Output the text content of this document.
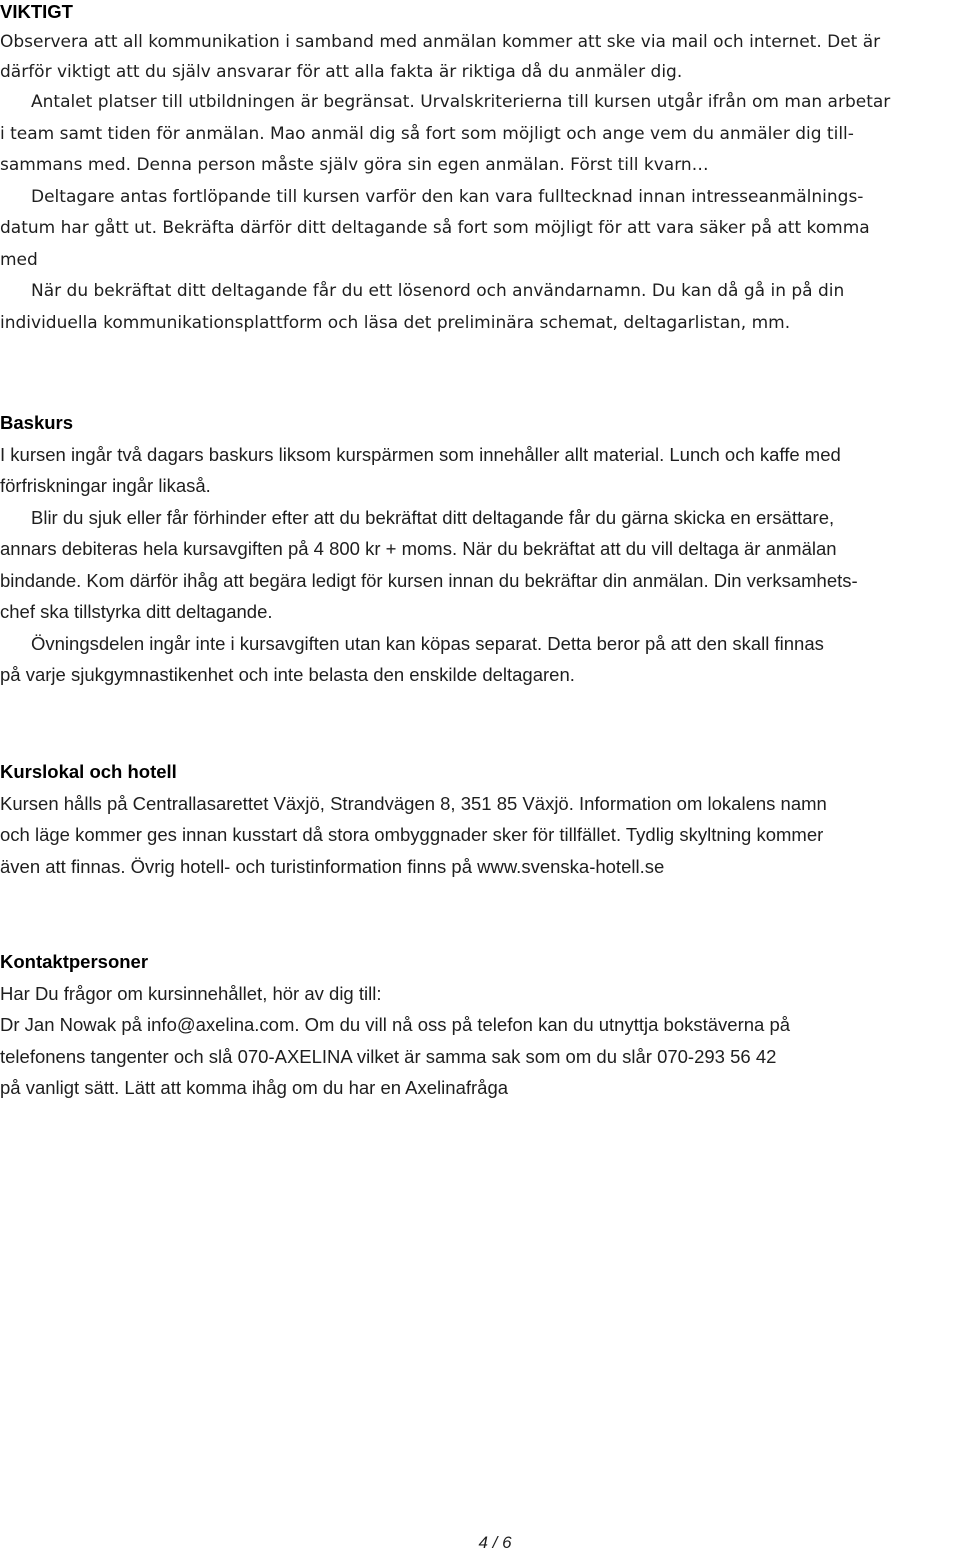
VIKTIGT

Observera att all kommunikation i samband med anmälan kommer att ske via mail och internet. Det är
därför viktigt att du själv ansvarar för att alla fakta är riktiga då du anmäler dig.

Antalet platser till utbildningen är begränsat. Urvalskriterierna till kursen utgår ifrån om man arbetar
i team samt tiden för anmälan. Mao anmäl dig så fort som möjligt och ange vem du anmäler dig till-
sammans med. Denna person måste själv göra sin egen anmälan. Först till kvarn…

Deltagare antas fortlöpande till kursen varför den kan vara fulltecknad innan intresseanmälnings-
datum har gått ut. Bekräfta därför ditt deltagande så fort som möjligt för att vara säker på att komma
med

När du bekräftat ditt deltagande får du ett lösenord och användarnamn. Du kan då gå in på din
individuella kommunikationsplattform och läsa det preliminära schemat, deltagarlistan, mm.

Baskurs

I kursen ingår två dagars baskurs liksom kurspärmen som innehåller allt material. Lunch och kaffe med
förfriskningar ingår likaså.

Blir du sjuk eller får förhinder efter att du bekräftat ditt deltagande får du gärna skicka en ersättare,
annars debiteras hela kursavgiften på 4 800 kr + moms. När du bekräftat att du vill deltaga är anmälan
bindande. Kom därför ihåg att begära ledigt för kursen innan du bekräftar din anmälan. Din verksamhets-
chef ska tillstyrka ditt deltagande.

Övningsdelen ingår inte i kursavgiften utan kan köpas separat. Detta beror på att den skall finnas
på varje sjukgymnastikenhet och inte belasta den enskilde deltagaren.

Kurslokal och hotell

Kursen hålls på Centrallasarettet Växjö, Strandvägen 8, 351 85 Växjö. Information om lokalens namn
och läge kommer ges innan kusstart då stora ombyggnader sker för tillfället. Tydlig skyltning kommer
även att finnas. Övrig hotell- och turistinformation finns på www.svenska-hotell.se

Kontaktpersoner

Har Du frågor om kursinnehållet, hör av dig till:
Dr Jan Nowak på info@axelina.com. Om du vill nå oss på telefon kan du utnyttja bokstäverna på
telefonens tangenter och slå 070-AXELINA vilket är samma sak som om du slår 070-293 56 42
på vanligt sätt. Lätt att komma ihåg om du har en Axelinafråga

4 / 6
